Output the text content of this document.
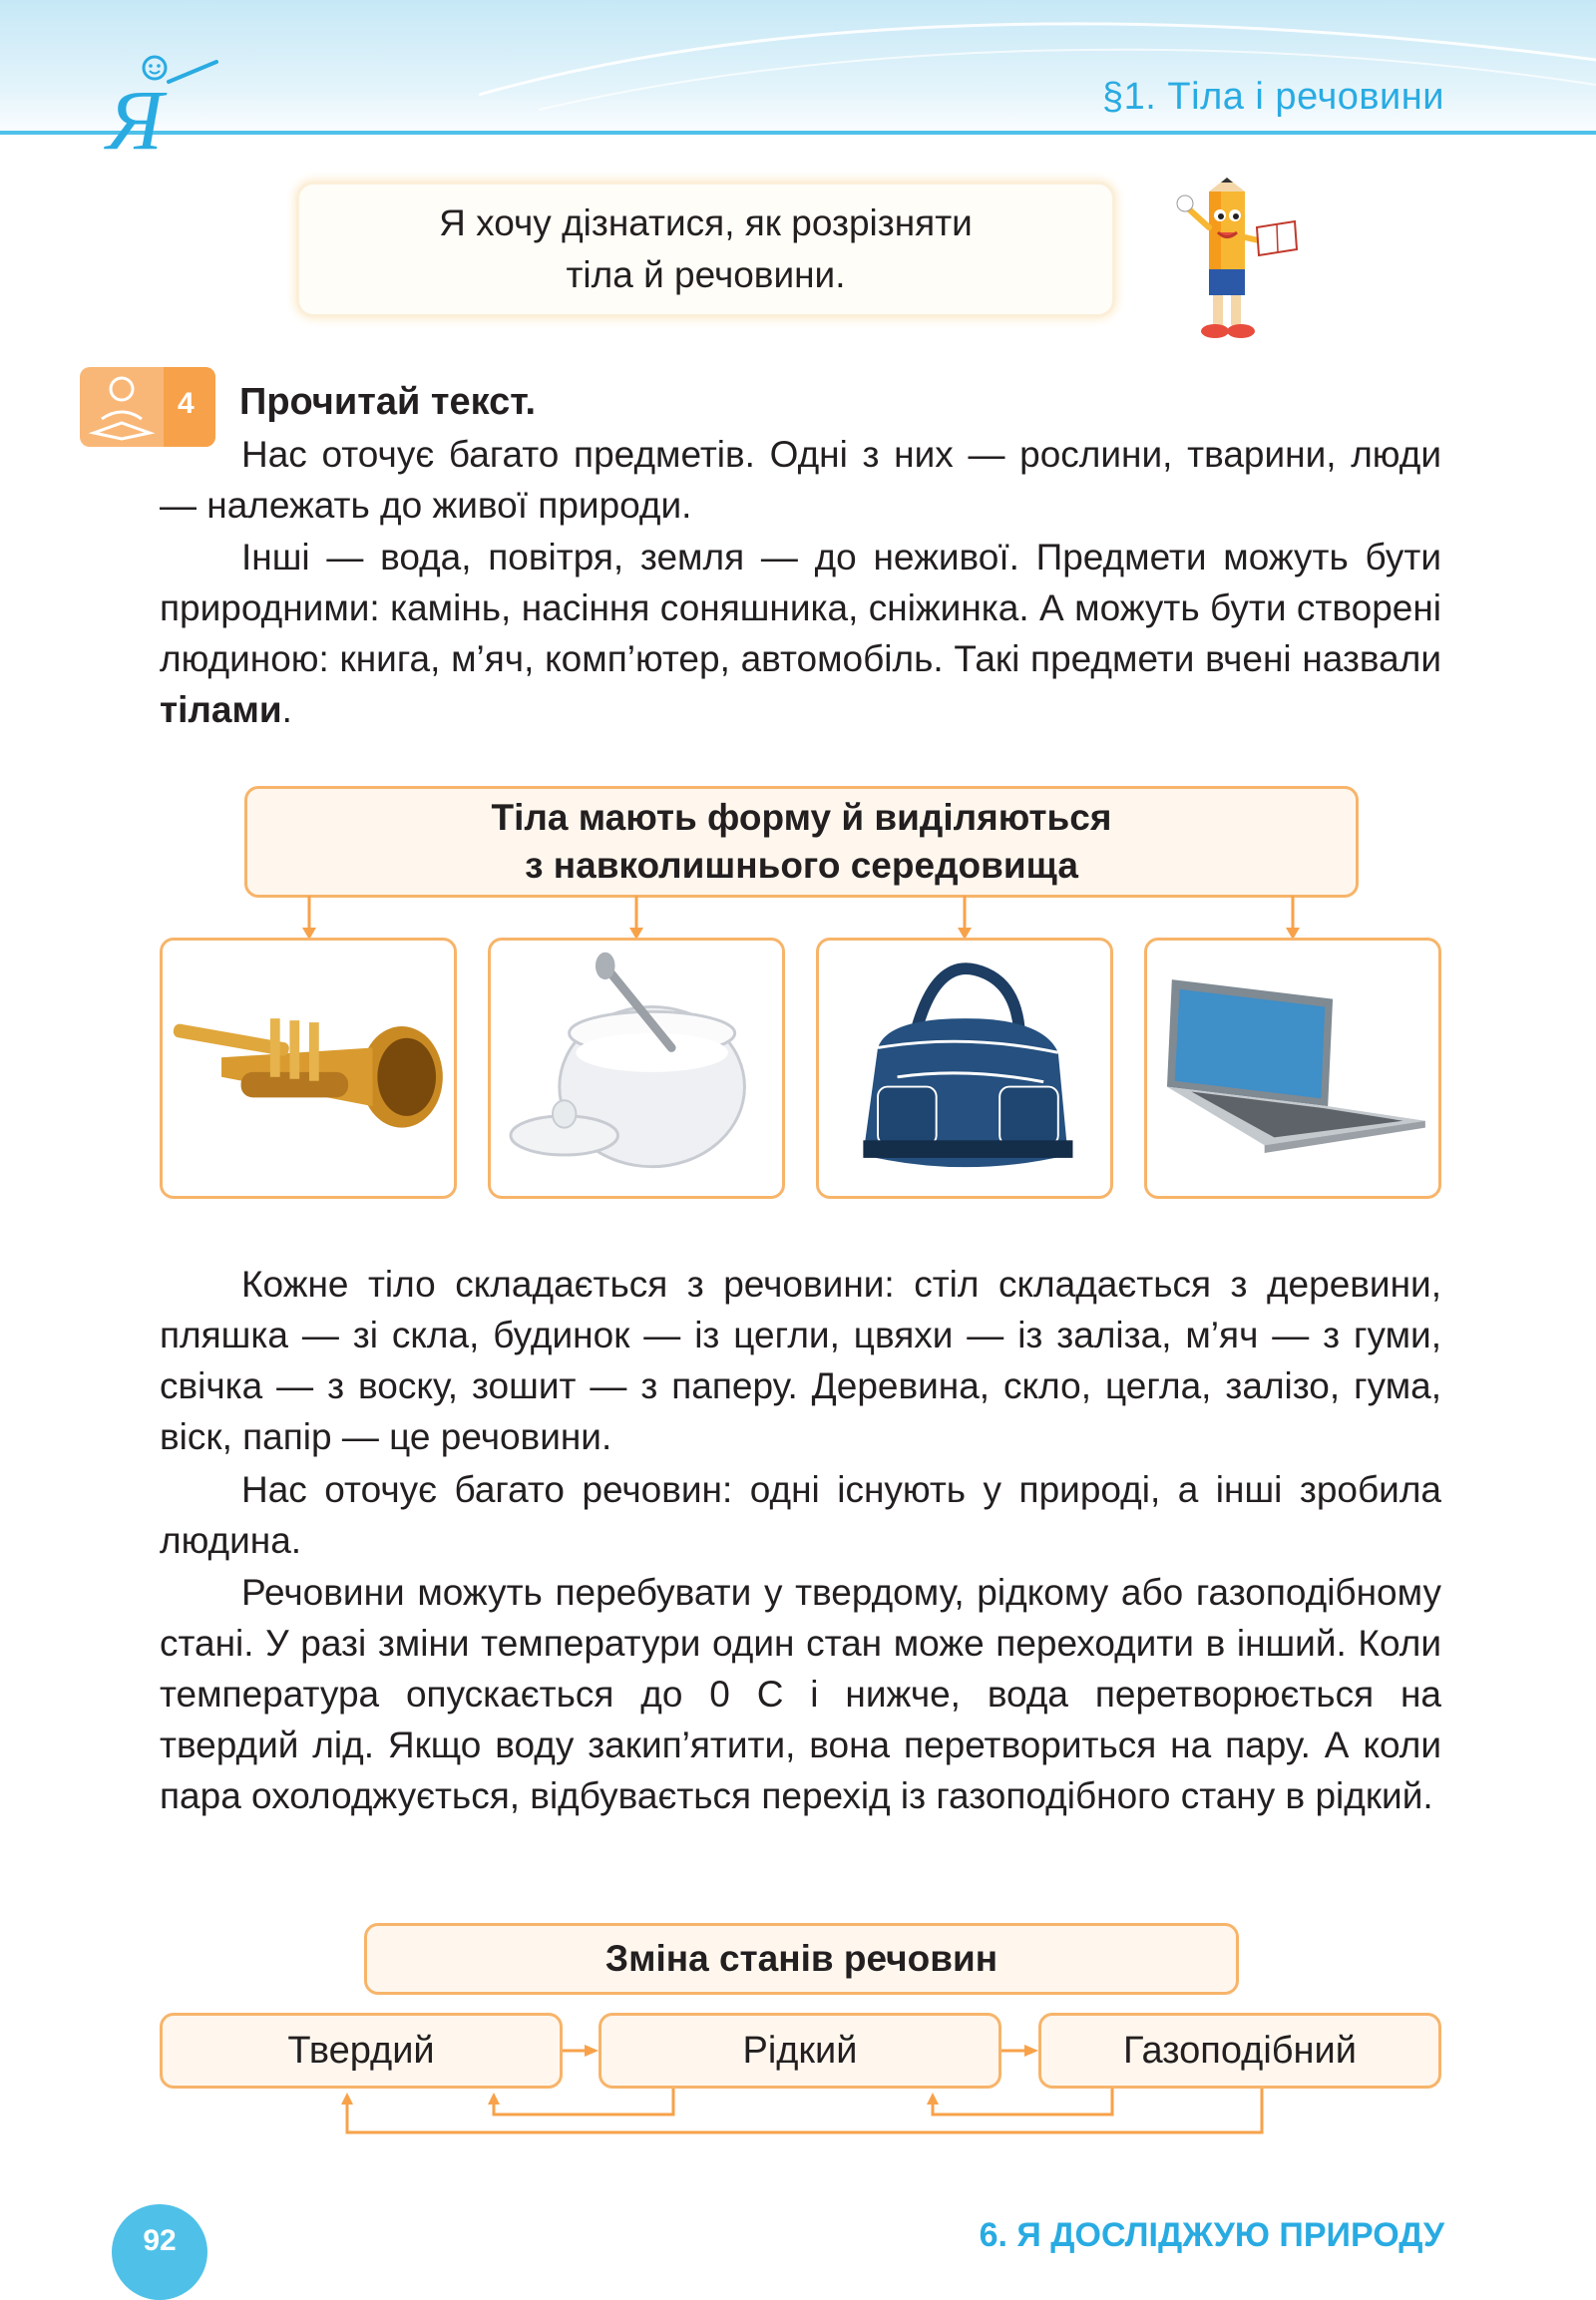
Я	§1. Тіла і речовини
Я хочу дізнатися, як розрізняти
тіла й речовини.
4 Прочитай текст.
Нас оточує багато предметів. Одні з них — рослини, тварини, люди — належать до живої природи.
Інші — вода, повітря, земля — до неживої. Предмети можуть бути природними: камінь, насіння соняшника, сніжинка. А можуть бути створені людиною: книга, м’яч, комп’ютер, автомобіль. Такі предмети вчені назвали тілами.
Тіла мають форму й виділяються
з навколишнього середовища
Кожне тіло складається з речовини: стіл складається з деревини, пляшка — зі скла, будинок — із цегли, цвяхи — із заліза, м’яч — з гуми, свічка — з воску, зошит — з паперу. Деревина, скло, цегла, залізо, гума, віск, папір — це речовини.
Нас оточує багато речовин: одні існують у природі, а інші зробила людина.
Речовини можуть перебувати у твердому, рідкому або газоподібному стані. У разі зміни температури один стан може переходити в інший. Коли температура опускається до 0 С і нижче, вода перетворюється на твердий лід. Якщо воду закип’ятити, вона перетвориться на пару. А коли пара охолоджується, відбувається перехід із газоподібного стану в рідкий.
Зміна станів речовин
Твердий	Рідкий	Газоподібний
92	6. Я ДОСЛІДЖУЮ ПРИРОДУ
